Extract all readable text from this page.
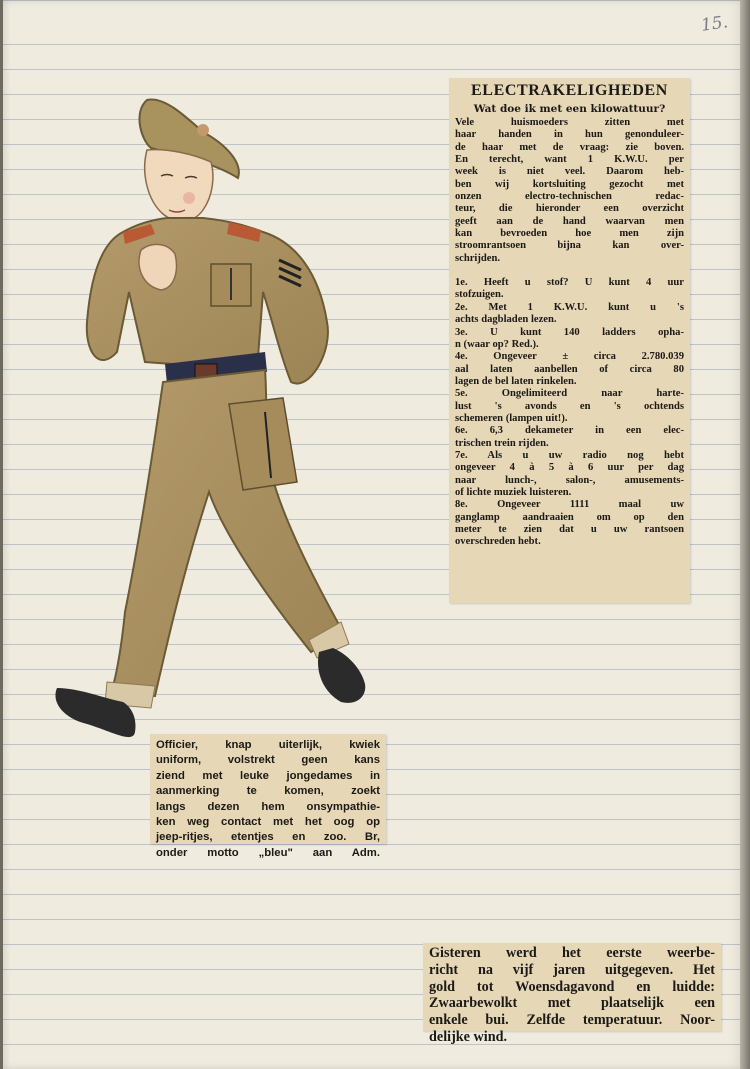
15.
ELECTRAKELIGHEDEN
Wat doe ik met een kilowattuur?
Vele huismoeders zitten met
haar handen in hun genonduleer-
de haar met de vraag: zie boven.
En terecht, want 1 K.W.U. per
week is niet veel. Daarom heb-
ben wij kortsluiting gezocht met
onzen electro-technischen redac-
teur, die hieronder een overzicht
geeft aan de hand waarvan men
kan bevroeden hoe men zijn
stroomrantsoen bijna kan over-
schrijden.
1e. Heeft u stof? U kunt 4 uur
stofzuigen.
2e. Met 1 K.W.U. kunt u 's
achts dagbladen lezen.
3e. U kunt 140 ladders opha-
n (waar op? Red.).
4e. Ongeveer ± circa 2.780.039
aal laten aanbellen of circa 80
lagen de bel laten rinkelen.
5e. Ongelimiteerd naar harte-
lust 's avonds en 's ochtends
schemeren (lampen uit!).
6e. 6,3 dekameter in een elec-
trischen trein rijden.
7e. Als u uw radio nog hebt
ongeveer 4 à 5 à 6 uur per dag
naar lunch-, salon-, amusements-
of lichte muziek luisteren.
8e. Ongeveer 1111 maal uw
ganglamp aandraaien om op den
meter te zien dat u uw rantsoen
overschreden hebt.
Officier, knap uiterlijk, kwiek
uniform, volstrekt geen kans
ziend met leuke jongedames in
aanmerking te komen, zoekt
langs dezen hem onsympathie-
ken weg contact met het oog op
jeep-ritjes, etentjes en zoo. Br,
onder motto „bleu" aan Adm.
Gisteren werd het eerste weerbe-
richt na vijf jaren uitgegeven. Het
gold tot Woensdagavond en luidde:
Zwaarbewolkt met plaatselijk een
enkele bui. Zelfde temperatuur. Noor-
delijke wind.
